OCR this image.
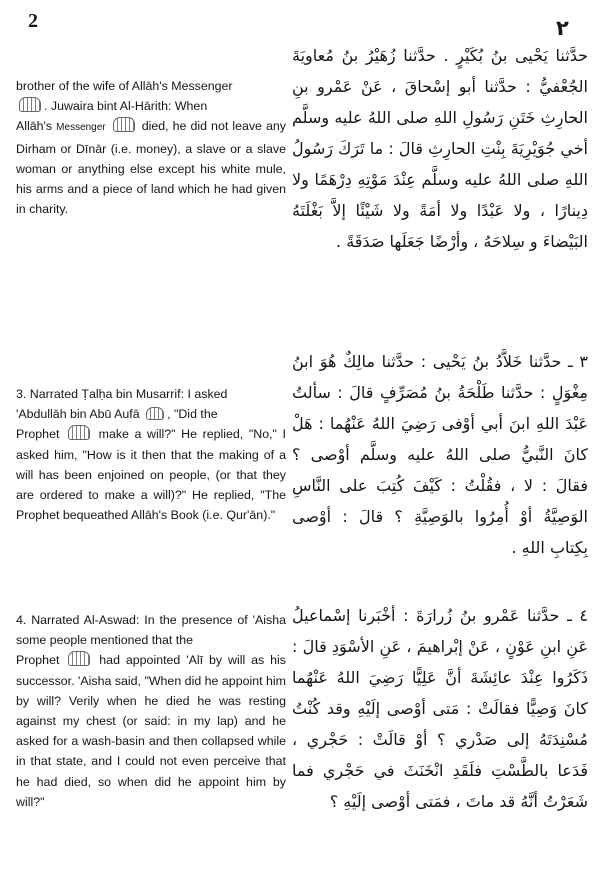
2	٢

brother of the wife of Allāh's Messenger
. Juwaira bint Al-Hārith: When
Allāh's Messenger	died, he did not leave any Dirham or Dīnār (i.e. money), a slave or a slave woman or anything else except his white mule, his arms and a piece of land which he had given in charity.

3. Narrated Ṭalḥa bin Musarrif: I asked
'Abdullāh bin Abū Aufā , "Did the
Prophet	make a will?" He replied, "No," I asked him, "How is it then that the making of a will has been enjoined on people, (or that they are ordered to make a will)?" He replied, "The Prophet bequeathed Allāh's Book (i.e. Qur'ān)."

4. Narrated Al-Aswad: In the presence of 'Aisha some people mentioned that the
Prophet	had appointed 'Alī by will as his successor. 'Aisha said, "When did he appoint him by will? Verily when he died he was resting against my chest (or said: in my lap) and he asked for a wash-basin and then collapsed while in that state, and I could not even perceive that he had died, so when did he appoint him by will?"

حدَّثنا يَحْيى بنُ بُكَيْرٍ . حدَّثنا زُهَيْرُ بنُ مُعاويَةَ الجُعْفيُّ : حدَّثنا أبو إسْحاقَ ، عَنْ عَمْرو بنِ الحارِثِ خَتَنِ رَسُولِ اللهِ صلى اللهُ عليه وسلَّم أخي جُوَيْرِيَةَ بِنْتِ الحارِثِ قالَ : ما تَرَكَ رَسُولُ اللهِ صلى اللهُ عليه وسلَّم عِنْدَ مَوْتِهِ دِرْهَمًا ولا دِينارًا ، ولا عَبْدًا ولا أمَةً ولا شَيْئًا إلاَّ بَغْلَتَهُ البَيْضاءَ و سِلاحَهُ ، وأرْضًا جَعَلَها صَدَقَةً .

٣ ـ حدَّثنا خَلاَّدُ بنُ يَحْيى : حدَّثنا مالِكٌ هُوَ ابنُ مِغْوَلٍ : حدَّثنا طَلْحَةُ بنُ مُصَرِّفٍ قالَ : سألتُ عَبْدَ اللهِ ابنَ أبي أوْفى رَضِيَ اللهُ عَنْهُما : هَلْ كانَ النَّبيُّ صلى اللهُ عليه وسلَّم أوْصى ؟ فقالَ : لا ، فقُلْتُ : كَيْفَ كُتِبَ على النَّاسِ الوَصِيَّةُ أوْ أُمِرُوا بالوَصِيَّةِ ؟ قالَ : أوْصى بِكِتابِ اللهِ .

٤ ـ حدَّثنا عَمْرو بنُ زُرارَةَ : أخْبَرنا إسْماعيلُ عَنِ ابنِ عَوْنٍ ، عَنْ إبْراهيمَ ، عَنِ الأسْوَدِ قالَ : ذَكَرُوا عِنْدَ عائِشَةَ أنَّ عَلِيًّا رَضِيَ اللهُ عَنْهُما كانَ وَصِيًّا فقالَتْ : مَتى أوْصى إلَيْهِ وقد كُنْتُ مُسْنِدَتَهُ إلى صَدْري ؟ أوْ قالَتْ : حَجْري ، فَدَعا بالطَّسْتِ فلَقَدِ انْخَنَثَ في حَجْري فما شَعَرْتُ أنَّهُ قد ماتَ ، فمَتى أوْصى إلَيْهِ ؟
